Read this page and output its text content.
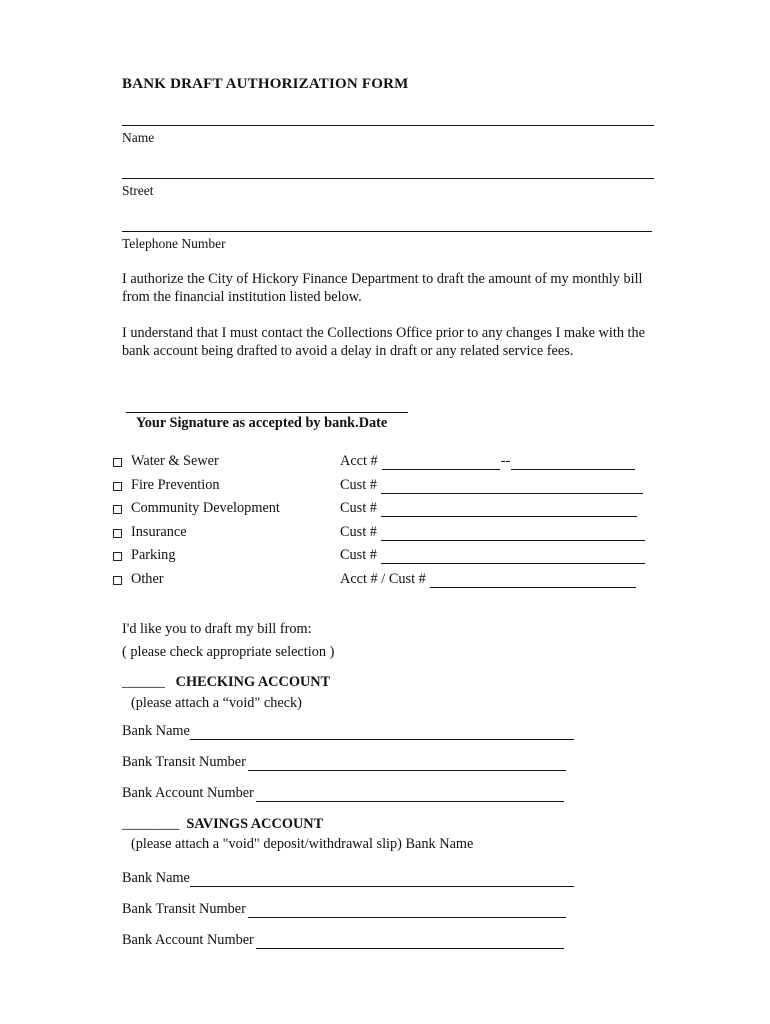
BANK DRAFT AUTHORIZATION FORM
Name
Street
Telephone Number
I authorize the City of Hickory Finance Department to draft the amount of my monthly bill from the financial institution listed below.
I understand that I must contact the Collections Office prior to any changes I make with the bank account being drafted to avoid a delay in draft or any related service fees.
Your Signature as accepted by bank.Date
Water & Sewer	Acct #	--
Fire Prevention	Cust #
Community Development	Cust #
Insurance	Cust #
Parking	Cust #
Other	Acct # / Cust #
I'd like you to draft my bill from:
( please check appropriate selection )
______ CHECKING ACCOUNT
(please attach a “void" check)
Bank Name
Bank Transit Number
Bank Account Number
________ SAVINGS ACCOUNT
(please attach a "void" deposit/withdrawal slip) Bank Name
Bank Name
Bank Transit Number
Bank Account Number
